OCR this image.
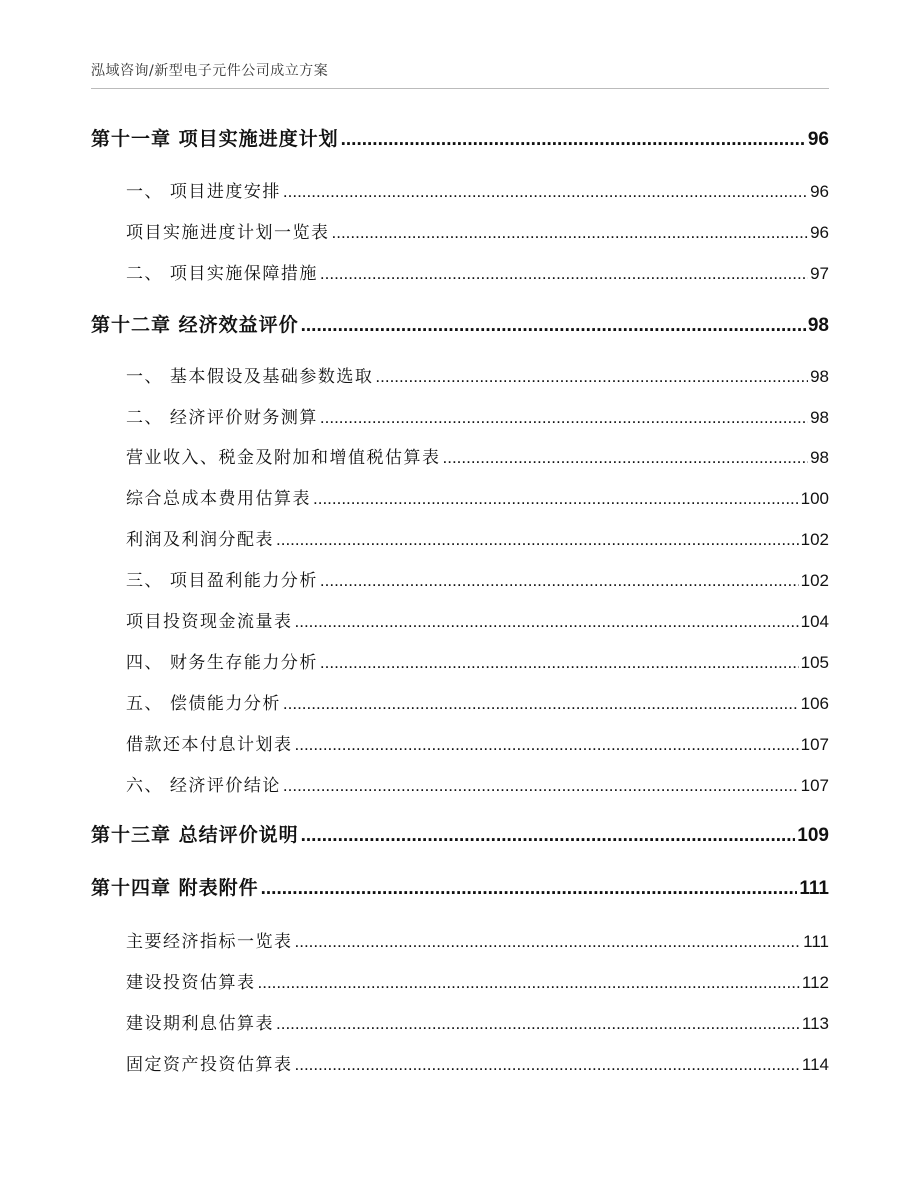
泓域咨询/新型电子元件公司成立方案
第十一章 项目实施进度计划 .....	96
一、 项目进度安排 .....	96
项目实施进度计划一览表 .....	96
二、 项目实施保障措施 .....	97
第十二章 经济效益评价 .....	98
一、 基本假设及基础参数选取 .....	98
二、 经济评价财务测算 .....	98
营业收入、税金及附加和增值税估算表 .....	98
综合总成本费用估算表 .....	100
利润及利润分配表 .....	102
三、 项目盈利能力分析 .....	102
项目投资现金流量表 .....	104
四、 财务生存能力分析 .....	105
五、 偿债能力分析 .....	106
借款还本付息计划表 .....	107
六、 经济评价结论 .....	107
第十三章 总结评价说明 .....	109
第十四章 附表附件 .....	111
主要经济指标一览表 .....	111
建设投资估算表 .....	112
建设期利息估算表 .....	113
固定资产投资估算表 .....	114
